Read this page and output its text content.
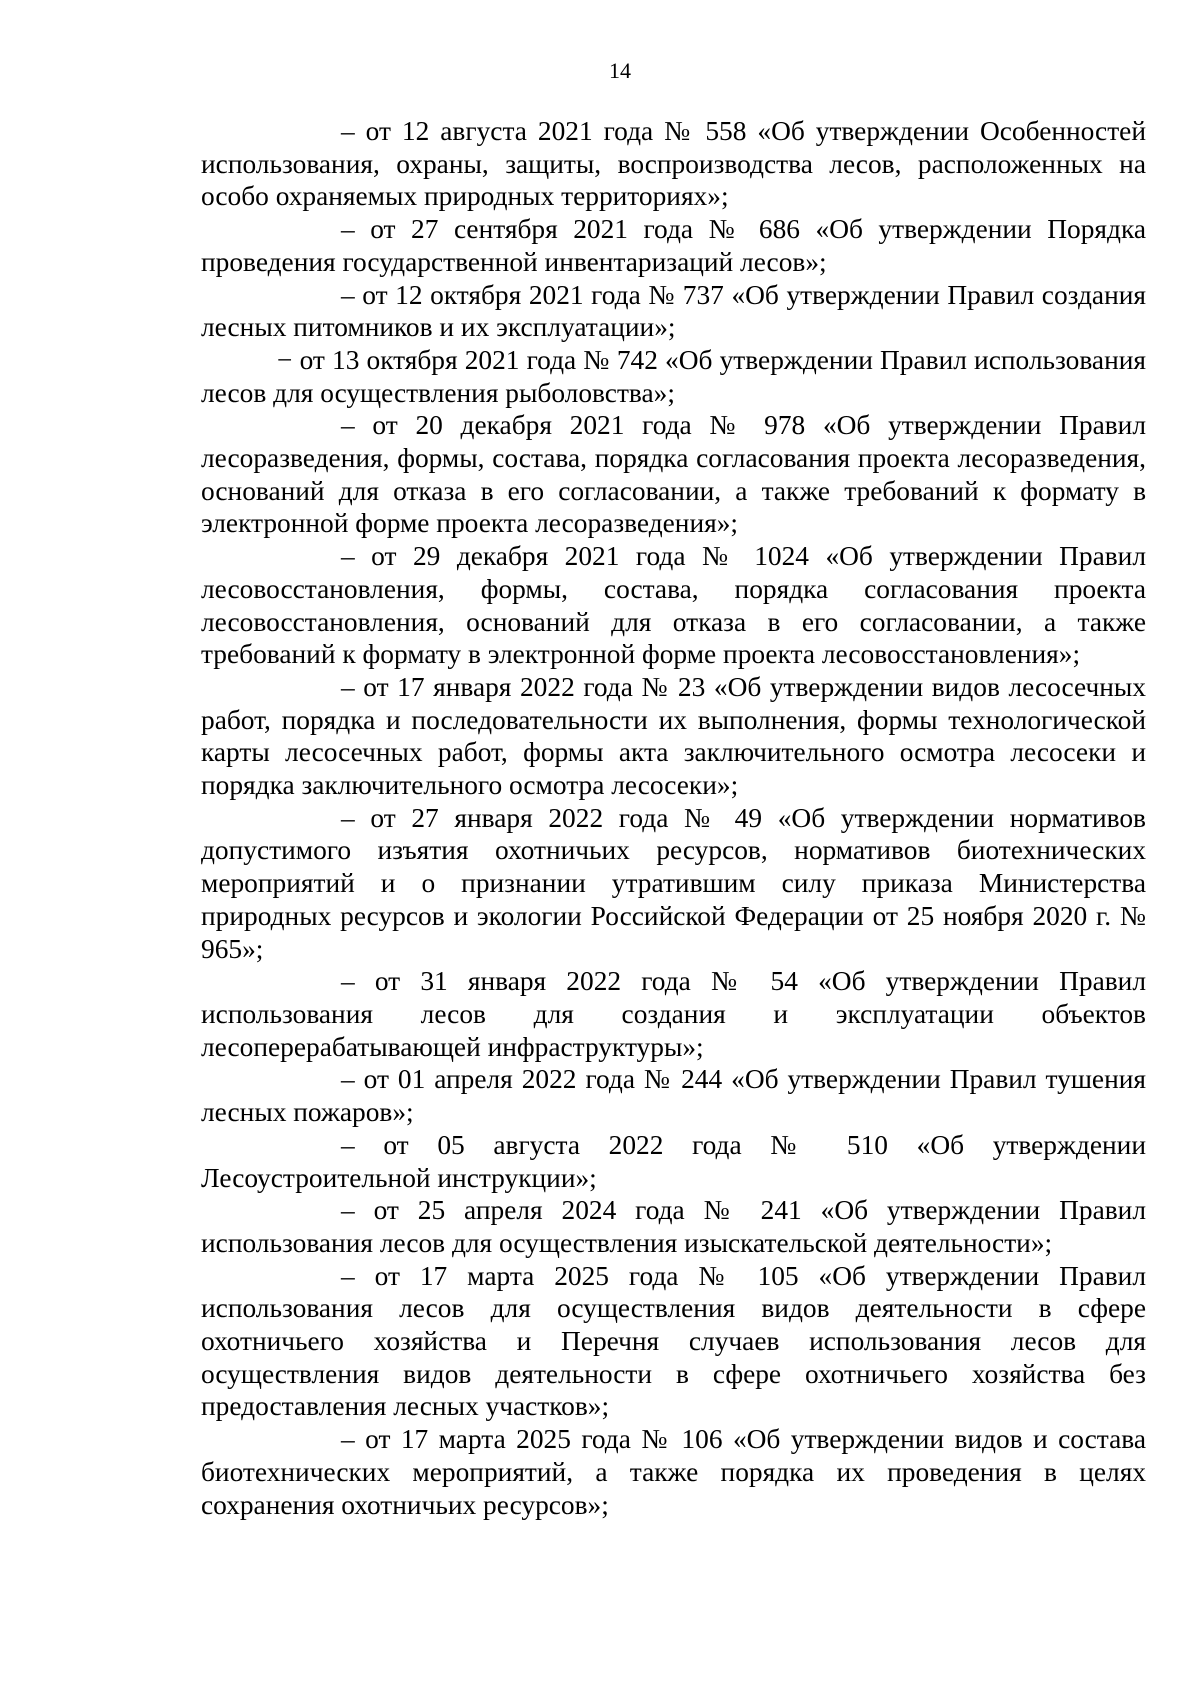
14

– от 12 августа 2021 года № 558 «Об утверждении Особенностей использования, охраны, защиты, воспроизводства лесов, расположенных на особо охраняемых природных территориях»;

– от 27 сентября 2021 года № 686 «Об утверждении Порядка проведения государственной инвентаризаций лесов»;

– от 12 октября 2021 года № 737 «Об утверждении Правил создания лесных питомников и их эксплуатации»;

− от 13 октября 2021 года № 742 «Об утверждении Правил использования лесов для осуществления рыболовства»;

– от 20 декабря 2021 года № 978 «Об утверждении Правил лесоразведения, формы, состава, порядка согласования проекта лесоразведения, оснований для отказа в его согласовании, а также требований к формату в электронной форме проекта лесоразведения»;

– от 29 декабря 2021 года № 1024 «Об утверждении Правил лесовосстановления, формы, состава, порядка согласования проекта лесовосстановления, оснований для отказа в его согласовании, а также требований к формату в электронной форме проекта лесовосстановления»;

– от 17 января 2022 года № 23 «Об утверждении видов лесосечных работ, порядка и последовательности их выполнения, формы технологической карты лесосечных работ, формы акта заключительного осмотра лесосеки и порядка заключительного осмотра лесосеки»;

– от 27 января 2022 года № 49 «Об утверждении нормативов допустимого изъятия охотничьих ресурсов, нормативов биотехнических мероприятий и о признании утратившим силу приказа Министерства природных ресурсов и экологии Российской Федерации от 25 ноября 2020 г. № 965»;

– от 31 января 2022 года № 54 «Об утверждении Правил использования лесов для создания и эксплуатации объектов лесоперерабатывающей инфраструктуры»;

– от 01 апреля 2022 года № 244 «Об утверждении Правил тушения лесных пожаров»;

– от 05 августа 2022 года № 510 «Об утверждении Лесоустроительной инструкции»;

– от 25 апреля 2024 года № 241 «Об утверждении Правил использования лесов для осуществления изыскательской деятельности»;

– от 17 марта 2025 года № 105 «Об утверждении Правил использования лесов для осуществления видов деятельности в сфере охотничьего хозяйства и Перечня случаев использования лесов для осуществления видов деятельности в сфере охотничьего хозяйства без предоставления лесных участков»;

– от 17 марта 2025 года № 106 «Об утверждении видов и состава биотехнических мероприятий, а также порядка их проведения в целях сохранения охотничьих ресурсов»;
